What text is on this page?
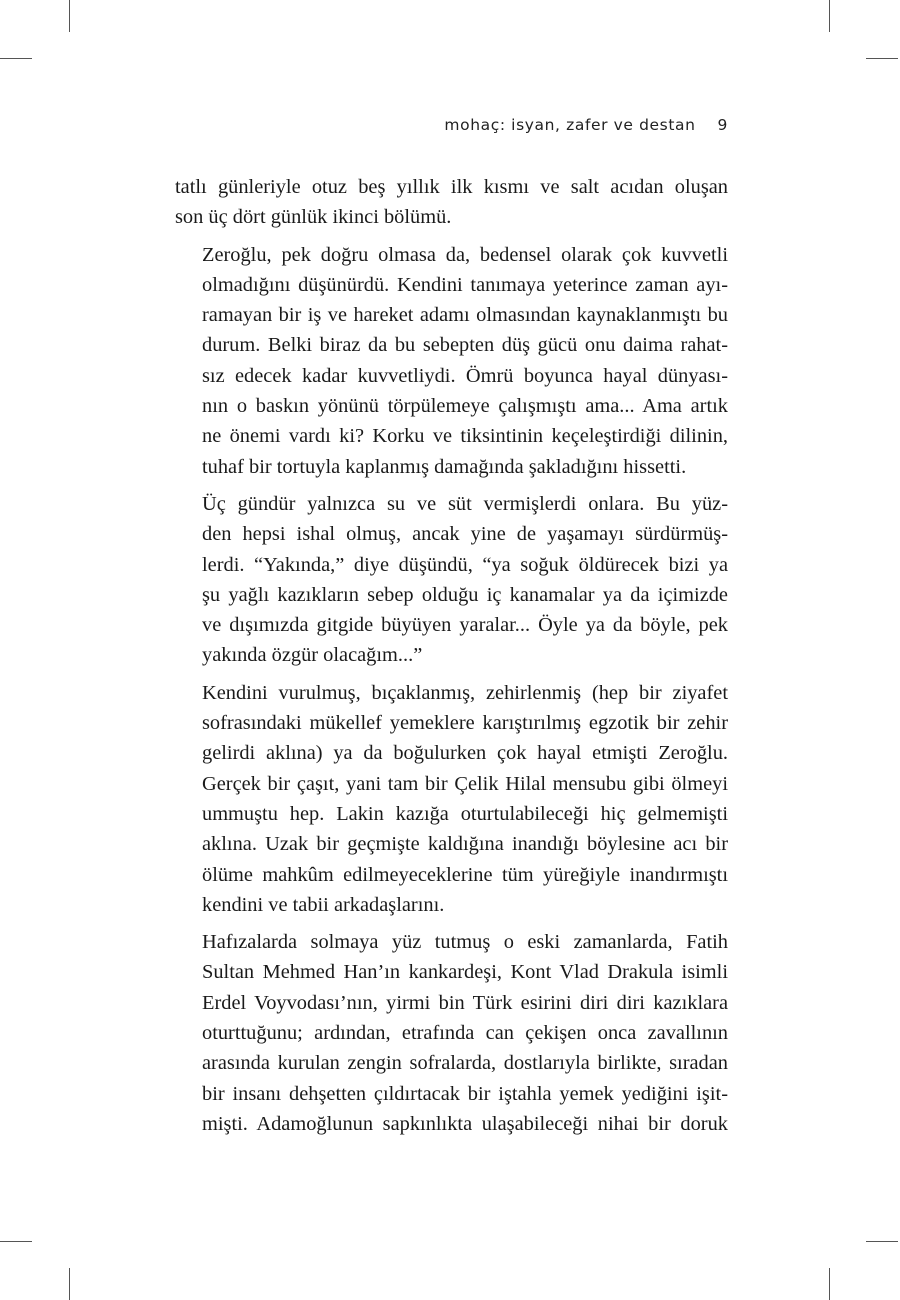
mohaç: isyan, zafer ve destan 9
tatlı günleriyle otuz beş yıllık ilk kısmı ve salt acıdan oluşan
son üç dört günlük ikinci bölümü.
Zeroğlu, pek doğru olmasa da, bedensel olarak çok kuvvetli
olmadığını düşünürdü. Kendini tanımaya yeterince zaman ayı-
ramayan bir iş ve hareket adamı olmasından kaynaklanmıştı bu
durum. Belki biraz da bu sebepten düş gücü onu daima rahat-
sız edecek kadar kuvvetliydi. Ömrü boyunca hayal dünyası-
nın o baskın yönünü törpülemeye çalışmıştı ama... Ama artık
ne önemi vardı ki? Korku ve tiksintinin keçeleştirdiği dilinin,
tuhaf bir tortuyla kaplanmış damağında şakladığını hissetti.
Üç gündür yalnızca su ve süt vermişlerdi onlara. Bu yüz-
den hepsi ishal olmuş, ancak yine de yaşamayı sürdürmüş-
lerdi. “Yakında,” diye düşündü, “ya soğuk öldürecek bizi ya
şu yağlı kazıkların sebep olduğu iç kanamalar ya da içimizde
ve dışımızda gitgide büyüyen yaralar... Öyle ya da böyle, pek
yakında özgür olacağım...”
Kendini vurulmuş, bıçaklanmış, zehirlenmiş (hep bir ziyafet
sofrasındaki mükellef yemeklere karıştırılmış egzotik bir zehir
gelirdi aklına) ya da boğulurken çok hayal etmişti Zeroğlu.
Gerçek bir çaşıt, yani tam bir Çelik Hilal mensubu gibi ölmeyi
ummuştu hep. Lakin kazığa oturtulabileceği hiç gelmemişti
aklına. Uzak bir geçmişte kaldığına inandığı böylesine acı bir
ölüme mahkûm edilmeyeceklerine tüm yüreğiyle inandırmıştı
kendini ve tabii arkadaşlarını.
Hafızalarda solmaya yüz tutmuş o eski zamanlarda, Fatih
Sultan Mehmed Han’ın kankardeşi, Kont Vlad Drakula isimli
Erdel Voyvodası’nın, yirmi bin Türk esirini diri diri kazıklara
oturttuğunu; ardından, etrafında can çekişen onca zavallının
arasında kurulan zengin sofralarda, dostlarıyla birlikte, sıradan
bir insanı dehşetten çıldırtacak bir iştahla yemek yediğini işit-
mişti. Adamoğlunun sapkınlıkta ulaşabileceği nihai bir doruk
